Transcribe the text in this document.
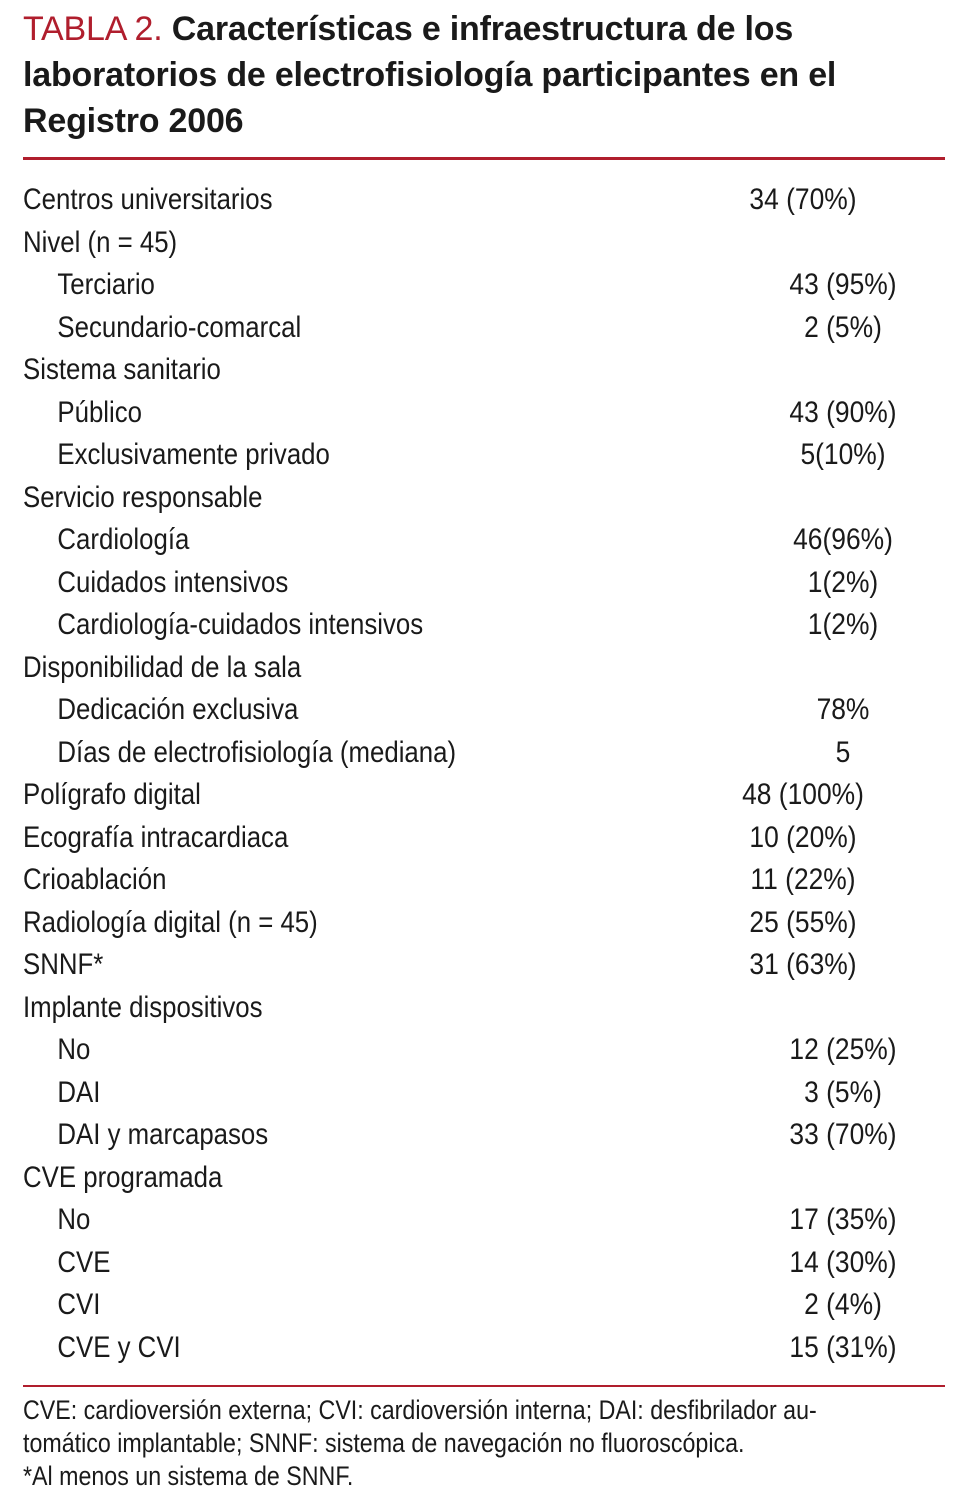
TABLA 2. Características e infraestructura de los laboratorios de electrofisiología participantes en el Registro 2006
Centros universitarios	34 (70%)
Nivel (n = 45)
Terciario	43 (95%)
Secundario-comarcal	2 (5%)
Sistema sanitario
Público	43 (90%)
Exclusivamente privado	5(10%)
Servicio responsable
Cardiología	46(96%)
Cuidados intensivos	1(2%)
Cardiología-cuidados intensivos	1(2%)
Disponibilidad de la sala
Dedicación exclusiva	78%
Días de electrofisiología (mediana)	5
Polígrafo digital	48 (100%)
Ecografía intracardiaca	10 (20%)
Crioablación	11 (22%)
Radiología digital (n = 45)	25 (55%)
SNNF*	31 (63%)
Implante dispositivos
No	12 (25%)
DAI	3 (5%)
DAI y marcapasos	33 (70%)
CVE programada
No	17 (35%)
CVE	14 (30%)
CVI	2 (4%)
CVE y CVI	15 (31%)

CVE: cardioversión externa; CVI: cardioversión interna; DAI: desfibrilador au-

tomático implantable; SNNF: sistema de navegación no fluoroscópica.

*Al menos un sistema de SNNF.
